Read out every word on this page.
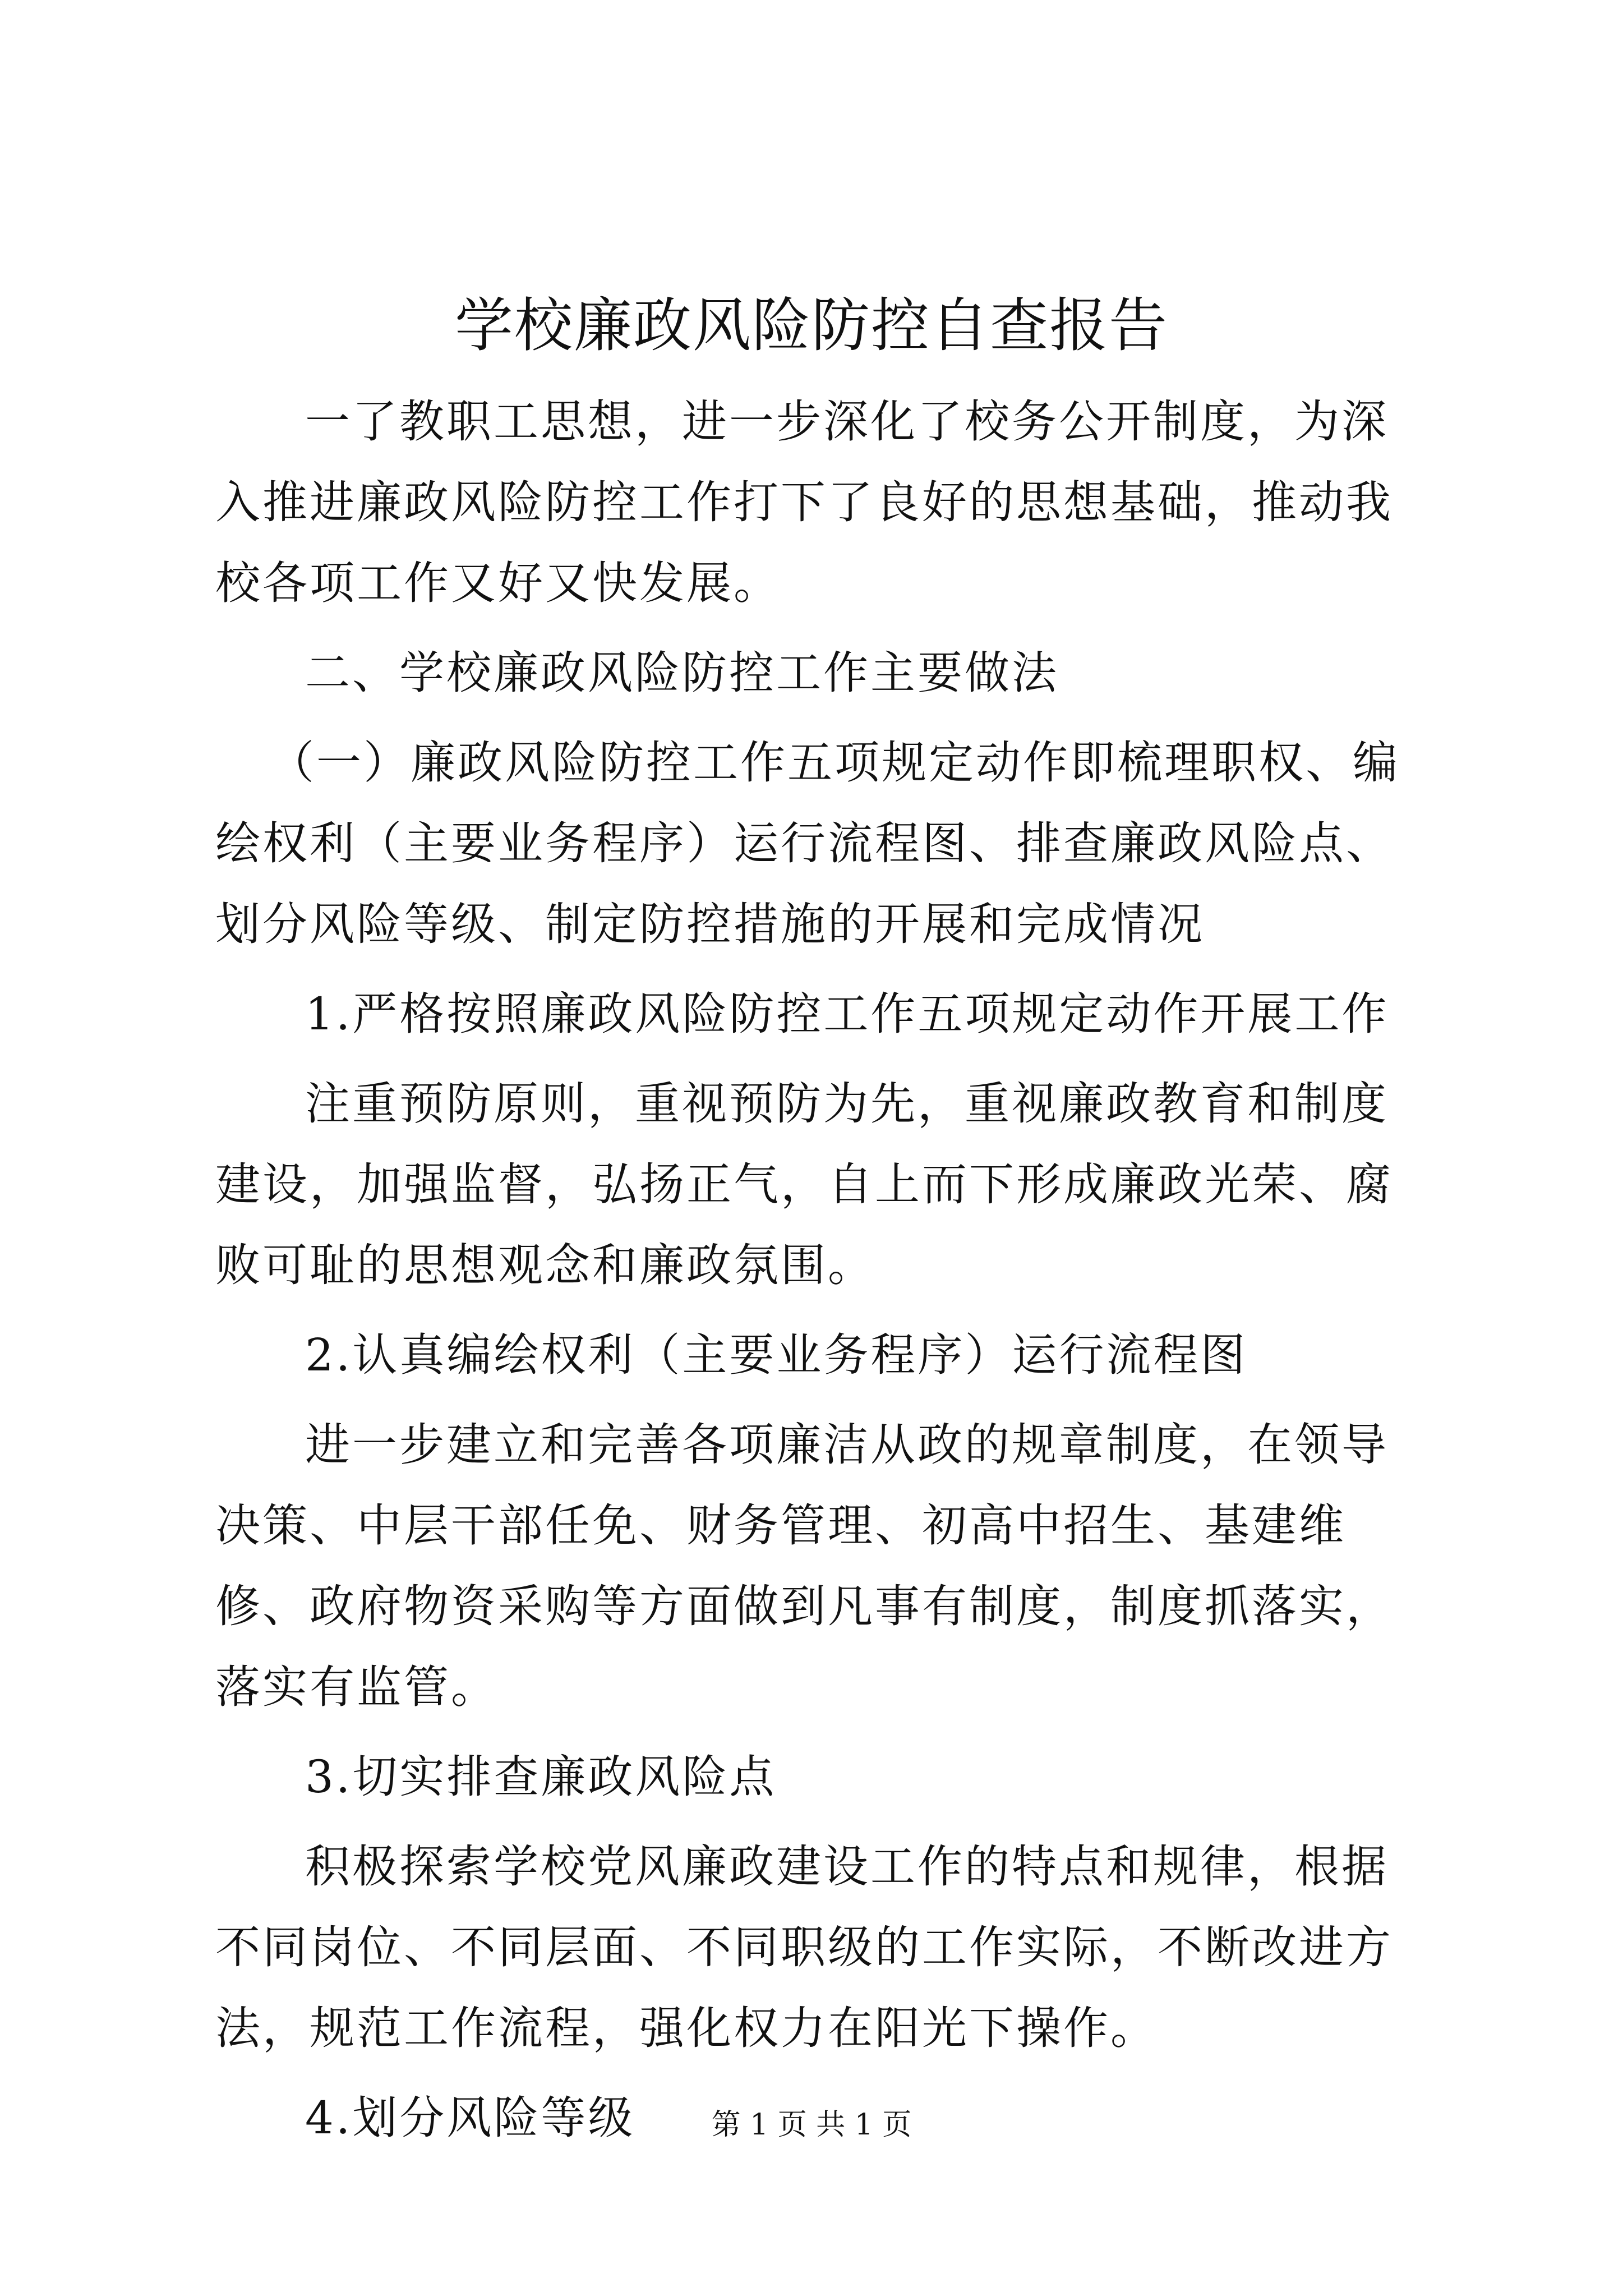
学校廉政风险防控自查报告

一了教职工思想，进一步深化了校务公开制度，为深入推进廉政风险防控工作打下了良好的思想基础，推动我校各项工作又好又快发展。

二、学校廉政风险防控工作主要做法

（一）廉政风险防控工作五项规定动作即梳理职权、编绘权利（主要业务程序）运行流程图、排查廉政风险点、划分风险等级、制定防控措施的开展和完成情况

1.严格按照廉政风险防控工作五项规定动作开展工作

注重预防原则，重视预防为先，重视廉政教育和制度建设，加强监督，弘扬正气，自上而下形成廉政光荣、腐败可耻的思想观念和廉政氛围。

2.认真编绘权利（主要业务程序）运行流程图

进一步建立和完善各项廉洁从政的规章制度，在领导决策、中层干部任免、财务管理、初高中招生、基建维修、政府物资采购等方面做到凡事有制度，制度抓落实，落实有监管。

3.切实排查廉政风险点

积极探索学校党风廉政建设工作的特点和规律，根据不同岗位、不同层面、不同职级的工作实际，不断改进方法，规范工作流程，强化权力在阳光下操作。

4.划分风险等级	第 1 页 共 1 页
